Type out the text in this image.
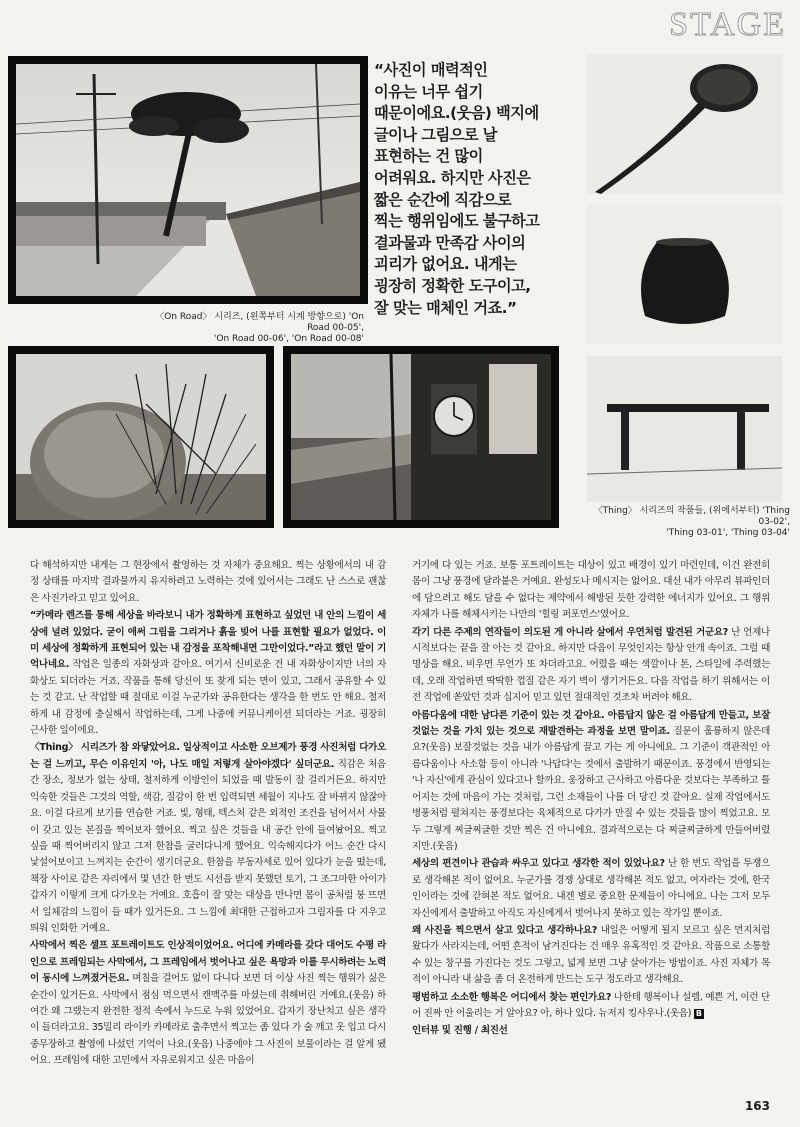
STAGE
〈On Road〉 시리즈, (왼쪽부터 시계 방향으로) 'On Road 00-05',
'On Road 00-06', 'On Road 00-08'
“사진이 매력적인
이유는 너무 쉽기
때문이에요.(웃음) 백지에
글이나 그림으로 날
표현하는 건 많이
어려워요. 하지만 사진은
짧은 순간에 직감으로
찍는 행위임에도 불구하고
결과물과 만족감 사이의
괴리가 없어요. 내게는
굉장히 정확한 도구이고,
잘 맞는 매체인 거죠.”
〈Thing〉 시리즈의 작품들, (위에서부터) 'Thing 03-02',
'Thing 03-01', 'Thing 03-04'

다 해석하지만 내게는 그 현장에서 촬영하는 것 자체가 중요해요. 찍는 상황에서의 내 감정 상태를 마지막 결과물까지 유지하려고 노력하는 것에 있어서는 그래도 난 스스로 괜찮은 사진가라고 믿고 있어요.

“카메라 렌즈를 통해 세상을 바라보니 내가 정확하게 표현하고 싶었던 내 안의 느낌이 세상에 널려 있었다. 굳이 애써 그림을 그리거나 흙을 빚어 나를 표현할 필요가 없었다. 이미 세상에 정확하게 표현되어 있는 내 감정을 포착해내면 그만이었다.”라고 했던 말이 기억나네요. 작업은 일종의 자화상과 같아요. 여기서 신비로운 건 내 자화상이지만 너의 자화상도 되더라는 거죠. 작품을 통해 당신이 또 찾게 되는 면이 있고, 그래서 공유할 수 있는 것 같고. 난 작업할 때 절대로 이걸 누군가와 공유한다는 생각을 한 번도 안 해요. 철저하게 내 감정에 충실해서 작업하는데, 그게 나중에 커뮤니케이션 되더라는 거죠. 굉장히 근사한 일이에요.

〈Thing〉 시리즈가 참 와닿았어요. 일상적이고 사소한 오브제가 풍경 사진처럼 다가오는 걸 느끼고, 무슨 이유인지 '아, 나도 매일 저렇게 살아야겠다' 싶더군요. 직감은 처음 간 장소, 정보가 없는 상태, 철저하게 이방인이 되었을 때 발동이 잘 걸리거든요. 하지만 익숙한 것들은 그것의 역할, 색감, 질감이 한 번 입력되면 세월이 지나도 잘 바뀌지 않잖아요. 이걸 다르게 보기를 연습한 거죠. 빛, 형태, 텍스처 같은 외적인 조건을 넘어서서 사물이 갖고 있는 본질을 찍어보자 했어요. 찍고 싶은 것들을 내 공간 안에 들여놨어요. 찍고 싶을 때 찍어버리지 않고 그저 한참을 굴러다니게 했어요. 익숙해지다가 어느 순간 다시 낯설어보이고 느껴지는 순간이 생기더군요. 한참을 부동자세로 있어 있다가 눈을 떴는데, 책장 사이로 같은 자리에서 몇 년간 한 번도 시선을 받지 못했던 토기, 그 조그마한 아이가 갑자기 이렇게 크게 다가오는 거예요. 호흡이 잘 맞는 대상을 만나면 몸이 공처럼 붕 뜨면서 일체감의 느낌이 들 때가 있거든요. 그 느낌에 최대한 근접하고자 그림자를 다 지우고 띄워 인화한 거예요.

사막에서 찍은 셀프 포트레이트도 인상적이었어요. 어디에 카메라를 갖다 대어도 수평 라인으로 프레임되는 사막에서, 그 프레임에서 벗어나고 싶은 욕망과 이를 무시하려는 노력이 동시에 느껴졌거든요. 며칠을 걸어도 없이 다니다 보면 더 이상 사진 찍는 행위가 싫은 순간이 있거든요. 사막에서 점심 먹으면서 캔맥주를 마셨는데 취해버린 거예요.(웃음) 하여간 왜 그랬는지 완전한 정적 속에서 누드로 누워 있었어요. 갑자기 장난치고 싶은 생각이 들더라고요. 35밀리 라이카 카메라로 출추면서 찍고는 좀 있다 가 술 깨고 옷 입고 다시 중무장하고 촬영에 나섰던 기억이 나요.(웃음) 나중에야 그 사진이 보물이라는 걸 알게 됐어요. 프레임에 대한 고민에서 자유로워지고 싶은 마음이

거기에 다 있는 거죠. 보통 포트레이트는 대상이 있고 배경이 있기 마련인데, 이건 완전히 몸이 그냥 풍경에 달라붙은 거예요. 완성도나 메시지는 없어요. 대신 내가 아무리 뷰파인더에 담으려고 해도 담을 수 없다는 제약에서 해방된 듯한 강력한 에너지가 있어요. 그 행위 자체가 나를 해체시키는 나만의 '힐링 퍼포먼스'였어요.

각기 다른 주제의 연작들이 의도된 게 아니라 살에서 우연처럼 발견된 거군요? 난 언제나 시적보다는 끝을 잘 아는 것 같아요. 하지만 다음이 무엇인지는 항상 안개 속이죠. 그럴 때 명상을 해요. 비우면 무언가 또 차더라고요. 어렸을 때는 색깔이나 톤, 스타일에 주력했는데, 오래 작업하면 딱딱한 껍질 같은 자기 벽이 생기거든요. 다음 작업을 하기 위해서는 이전 작업에 쏟았던 것과 십지어 믿고 있던 절대적인 것조차 버려야 해요.

아름다움에 대한 남다른 기준이 있는 것 같아요. 아름답지 않은 걸 아름답게 만들고, 보잘것없는 것을 가치 있는 것으로 재발견하는 과정을 보면 말이죠. 질문이 훌륭하지 않은데요?(웃음) 보잘것없는 것을 내가 아름답게 끌고 가는 게 아니에요. 그 기준이 객관적인 아름다움이나 사소함 등이 아니라 '나답다'는 것에서 출발하기 때문이죠. 풍경에서 반영되는 '나 자신'에게 관심이 있다고나 할까요. 웅장하고 근사하고 아름다운 것보다는 부족하고 틀어지는 것에 마음이 가는 것처럼, 그런 소재들이 나를 더 당긴 것 같아요. 실제 작업에서도 병풍처럼 펼쳐지는 풍경보다는 육체적으로 다가가 만질 수 있는 것들을 많이 찍었고요. 모두 그렇게 찌글찌글한 것만 찍은 건 아니에요. 결과적으로는 다 찌글찌글하게 만들어버렸지만.(웃음)

세상의 편견이나 관습과 싸우고 있다고 생각한 적이 있었나요? 난 한 번도 작업을 투쟁으로 생각해본 적이 없어요. 누군가를 경쟁 상대로 생각해본 적도 없고, 여자라는 것에, 한국인이라는 것에 갇혀본 적도 없어요. 내겐 별로 중요한 문제들이 아니에요. 나는 그저 모두 자신에게서 출발하고 아직도 자신에게서 벗어나지 못하고 있는 작가일 뿐이죠.

왜 사진을 찍으면서 살고 있다고 생각하나요? 내일은 어떻게 될지 모르고 싶은 먼지처럼 왔다가 사라지는데, 어떤 흔적이 남겨진다는 건 매우 유혹적인 것 같아요. 작품으로 소통할 수 있는 창구를 가진다는 것도 그렇고, 넓게 보면 그냥 살아가는 방법이죠. 사진 자체가 목적이 아니라 내 삶을 좀 더 온전하게 만드는 도구 정도라고 생각해요.

평범하고 소소한 행복은 어디에서 찾는 편인가요? 나한테 행복이나 설렘, 예쁜 거, 이런 단어 진짜 안 어울리는 거 알아요? 아, 하나 있다. 뉴저지 킹사우나.(웃음) B

인터뷰 및 진행 / 최진선

163
